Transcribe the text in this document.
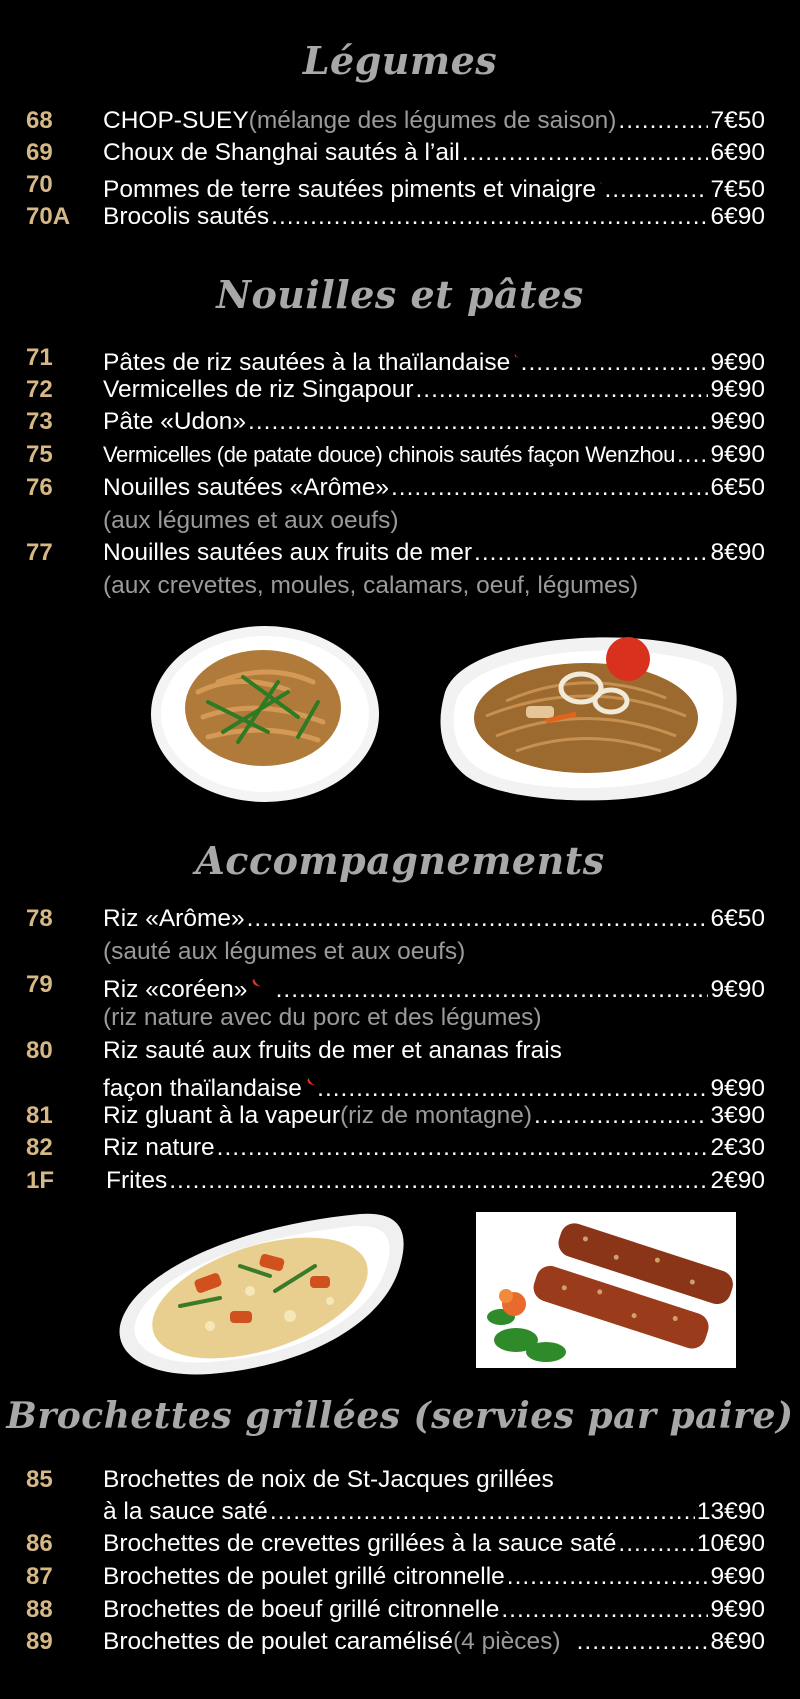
Légumes
68 CHOP-SUEY (mélange des légumes de saison) .....	7€50
69 Choux de Shanghai sautés à l’ail .....	6€90
70 Pommes de terre sautées piments et vinaigre .....	7€50
70A Brocolis sautés .....	6€90
Nouilles et pâtes
71 Pâtes de riz sautées à la thaïlandaise .....	9€90
72 Vermicelles de riz Singapour .....	9€90
73 Pâte «Udon» .....	9€90
75 Vermicelles (de patate douce) chinois sautés façon Wenzhou ..... 9€90
76 Nouilles sautées «Arôme» .....	6€50
(aux légumes et aux oeufs)
77 Nouilles sautées aux fruits de mer .....	8€90
(aux crevettes, moules, calamars, oeuf, légumes)
Accompagnements
78 Riz «Arôme» .....	6€50
(sauté aux légumes et aux oeufs)
79 Riz «coréen» .....	9€90
(riz nature avec du porc et des légumes)
80 Riz sauté aux fruits de mer et ananas frais
façon thaïlandaise .....	9€90
81 Riz gluant à la vapeur (riz de montagne) .....	3€90
82 Riz nature .....	2€30
1F Frites .....	2€90
Brochettes grillées (servies par paire)
85 Brochettes de noix de St-Jacques grillées
à la sauce saté .....	13€90
86 Brochettes de crevettes grillées à la sauce saté .....	10€90
87 Brochettes de poulet grillé citronnelle .....	9€90
88 Brochettes de boeuf grillé citronnelle .....	9€90
89 Brochettes de poulet caramélisé (4 pièces) .....	8€90
